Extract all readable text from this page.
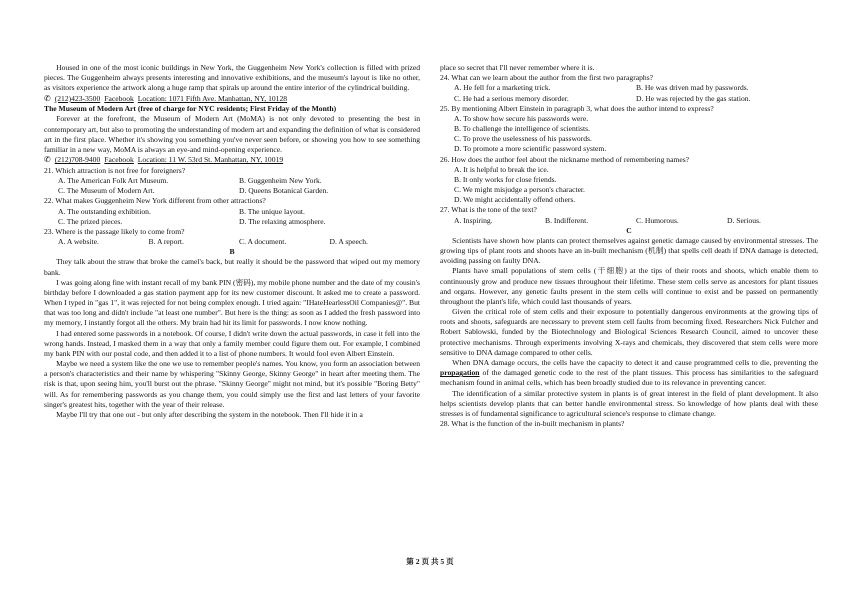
Housed in one of the most iconic buildings in New York, the Guggenheim New York's collection is filled with prized pieces. The Guggenheim always presents interesting and innovative exhibitions, and the museum's layout is like no other, as visitors experience the artwork along a huge ramp that spirals up around the entire interior of the cylindrical building.

✆ (212)423-3500 Facebook Location: 1071 Fifth Ave. Manhattan, NY, 10128

The Museum of Modern Art (free of charge for NYC residents; First Friday of the Month)

Forever at the forefront, the Museum of Modern Art (MoMA) is not only devoted to presenting the best in contemporary art, but also to promoting the understanding of modern art and expanding the definition of what is considered art in the first place. Whether it's showing you something you've never seen before, or showing you how to see something familiar in a new way, MoMA is always an eye-and mind-opening experience.

✆ (212)708-9400 Facebook Location: 11 W. 53rd St. Manhattan, NY, 10019

21. Which attraction is not free for foreigners?

A. The American Folk Art Museum.	B. Guggenheim New York.
C. The Museum of Modern Art.	D. Queens Botanical Garden.

22. What makes Guggenheim New York different from other attractions?

A. The outstanding exhibition.	B. The unique layout.
C. The prized pieces.	D. The relaxing atmosphere.

23. Where is the passage likely to come from?

A. A website.	B. A report.	C. A document.	D. A speech.

B

They talk about the straw that broke the camel's back, but really it should be the password that wiped out my memory bank.

I was going along fine with instant recall of my bank PIN (密码), my mobile phone number and the date of my cousin's birthday before I downloaded a gas station payment app for its new customer discount. It asked me to create a password. When I typed in "gas 1", it was rejected for not being complex enough. I tried again: "IHateHearlessOil Companies@". But that was too long and didn't include "at least one number". But here is the thing: as soon as I added the fresh password into my memory, I instantly forgot all the others. My brain had hit its limit for passwords. I now know nothing.

I had entered some passwords in a notebook. Of course, I didn't write down the actual passwords, in case it fell into the wrong hands. Instead, I masked them in a way that only a family member could figure them out. For example, I combined my bank PIN with our postal code, and then added it to a list of phone numbers. It would fool even Albert Einstein.

Maybe we need a system like the one we use to remember people's names. You know, you form an association between a person's characteristics and their name by whispering "Skinny George, Skinny George" in heart after meeting them. The risk is that, upon seeing him, you'll burst out the phrase. "Skinny George" might not mind, but it's possible "Boring Betty" will. As for remembering passwords as you change them, you could simply use the first and last letters of your favorite singer's greatest hits, together with the year of their release.

Maybe I'll try that one out - but only after describing the system in the notebook. Then I'll hide it in a

place so secret that I'll never remember where it is.

24. What can we learn about the author from the first two paragraphs?

A. He fell for a marketing trick.	B. He was driven mad by passwords.
C. He had a serious memory disorder.	D. He was rejected by the gas station.

25. By mentioning Albert Einstein in paragraph 3, what does the author intend to express?

A. To show how secure his passwords were.
B. To challenge the intelligence of scientists.
C. To prove the uselessness of his passwords.
D. To promote a more scientific password system.

26. How does the author feel about the nickname method of remembering names?

A. It is helpful to break the ice.
B. It only works for close friends.
C. We might misjudge a person's character.
D. We might accidentally offend others.

27. What is the tone of the text?

A. Inspiring.	B. Indifferent.	C. Humorous.	D. Serious.

C

Scientists have shown how plants can protect themselves against genetic damage caused by environmental stresses. The growing tips of plant roots and shoots have an in-built mechanism (机制) that spells cell death if DNA damage is detected, avoiding passing on faulty DNA.

Plants have small populations of stem cells (干细胞) at the tips of their roots and shoots, which enable them to continuously grow and produce new tissues throughout their lifetime. These stem cells serve as ancestors for plant tissues and organs. However, any genetic faults present in the stem cells will continue to exist and be passed on permanently throughout the plant's life, which could last thousands of years.

Given the critical role of stem cells and their exposure to potentially dangerous environments at the growing tips of roots and shoots, safeguards are necessary to prevent stem cell faults from becoming fixed. Researchers Nick Fulcher and Robert Sablowski, funded by the Biotechnology and Biological Sciences Research Council, aimed to uncover these protective mechanisms. Through experiments involving X-rays and chemicals, they discovered that stem cells were more sensitive to DNA damage compared to other cells.

When DNA damage occurs, the cells have the capacity to detect it and cause programmed cells to die, preventing the propagation of the damaged genetic code to the rest of the plant tissues. This process has similarities to the safeguard mechanism found in animal cells, which has been broadly studied due to its relevance in preventing cancer.

The identification of a similar protective system in plants is of great interest in the field of plant development. It also helps scientists develop plants that can better handle environmental stress. So knowledge of how plants deal with these stresses is of fundamental significance to agricultural science's response to climate change.

28. What is the function of the in-built mechanism in plants?

第 2 页 共 5 页
